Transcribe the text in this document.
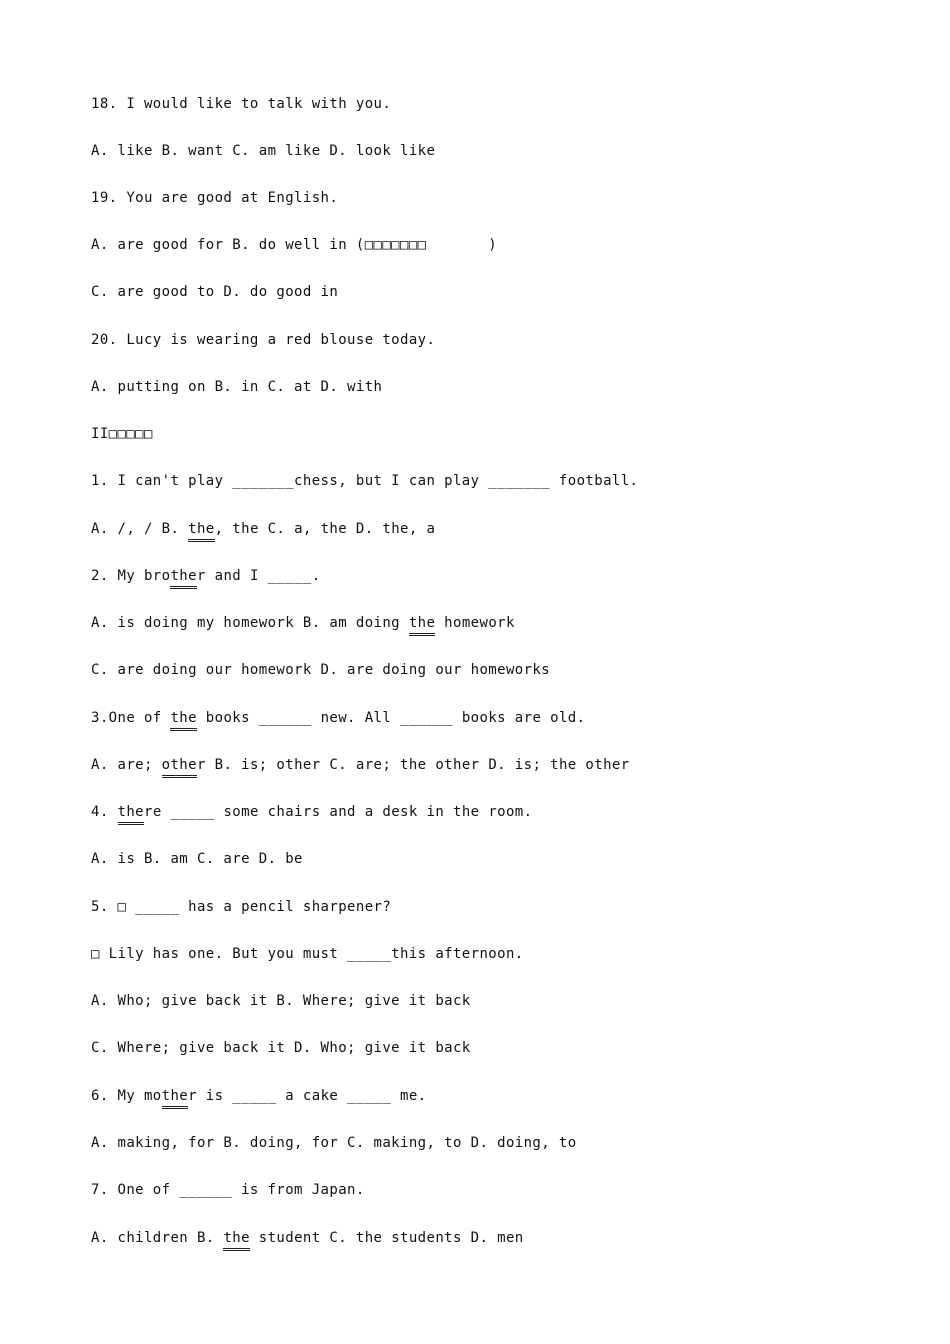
18. I would like to talk with you.
A. like B. want C. am like D. look like
19. You are good at English.
A. are good for B. do well in (□□□□□□□       )
C. are good to D. do good in
20. Lucy is wearing a red blouse today.
A. putting on B. in C. at D. with
II□□□□□
1. I can't play _______chess, but I can play _______ football.
A. /, / B. the, the C. a, the D. the, a
2. My brother and I _____.
A. is doing my homework B. am doing the homework
C. are doing our homework D. are doing our homeworks
3.One of the books ______ new. All ______ books are old.
A. are; other B. is; other C. are; the other D. is; the other
4. there _____ some chairs and a desk in the room.
A. is B. am C. are D. be
5. □ _____ has a pencil sharpener?
□ Lily has one. But you must _____this afternoon.
A. Who; give back it B. Where; give it back
C. Where; give back it D. Who; give it back
6. My mother is _____ a cake _____ me.
A. making, for B. doing, for C. making, to D. doing, to
7. One of ______ is from Japan.
A. children B. the student C. the students D. men
